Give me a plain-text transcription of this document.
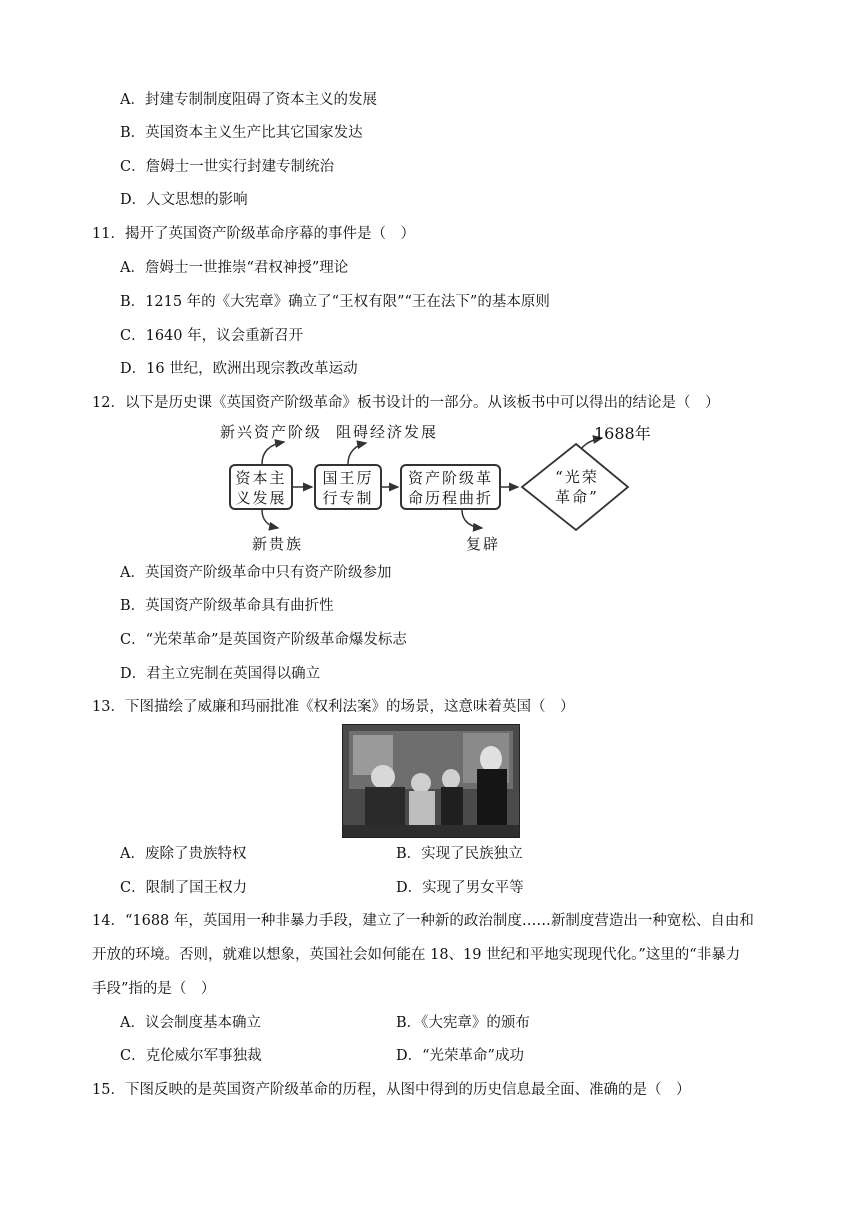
A．封建专制制度阻碍了资本主义的发展
B．英国资本主义生产比其它国家发达
C．詹姆士一世实行封建专制统治
D．人文思想的影响
11．揭开了英国资产阶级革命序幕的事件是（　）
A．詹姆士一世推崇“君权神授”理论
B．1215 年的《大宪章》确立了“王权有限”“王在法下”的基本原则
C．1640 年，议会重新召开
D．16 世纪，欧洲出现宗教改革运动
12．以下是历史课《英国资产阶级革命》板书设计的一部分。从该板书中可以得出的结论是（　）
新兴资产阶级 阻碍经济发展	1688年
资本主
义发展
国王厉
行专制
资产阶级革
命历程曲折
“光荣
革命”
新贵族	复辟
A．英国资产阶级革命中只有资产阶级参加
B．英国资产阶级革命具有曲折性
C．“光荣革命”是英国资产阶级革命爆发标志
D．君主立宪制在英国得以确立
13．下图描绘了威廉和玛丽批准《权利法案》的场景，这意味着英国（　）
A．废除了贵族特权	B．实现了民族独立
C．限制了国王权力	D．实现了男女平等
14．“1688 年，英国用一种非暴力手段，建立了一种新的政治制度……新制度营造出一种宽松、自由和
开放的环境。否则，就难以想象，英国社会如何能在 18、19 世纪和平地实现现代化。”这里的“非暴力
手段”指的是（　）
A．议会制度基本确立	B．《大宪章》的颁布
C．克伦威尔军事独裁	D．“光荣革命”成功
15．下图反映的是英国资产阶级革命的历程，从图中得到的历史信息最全面、准确的是（　）
